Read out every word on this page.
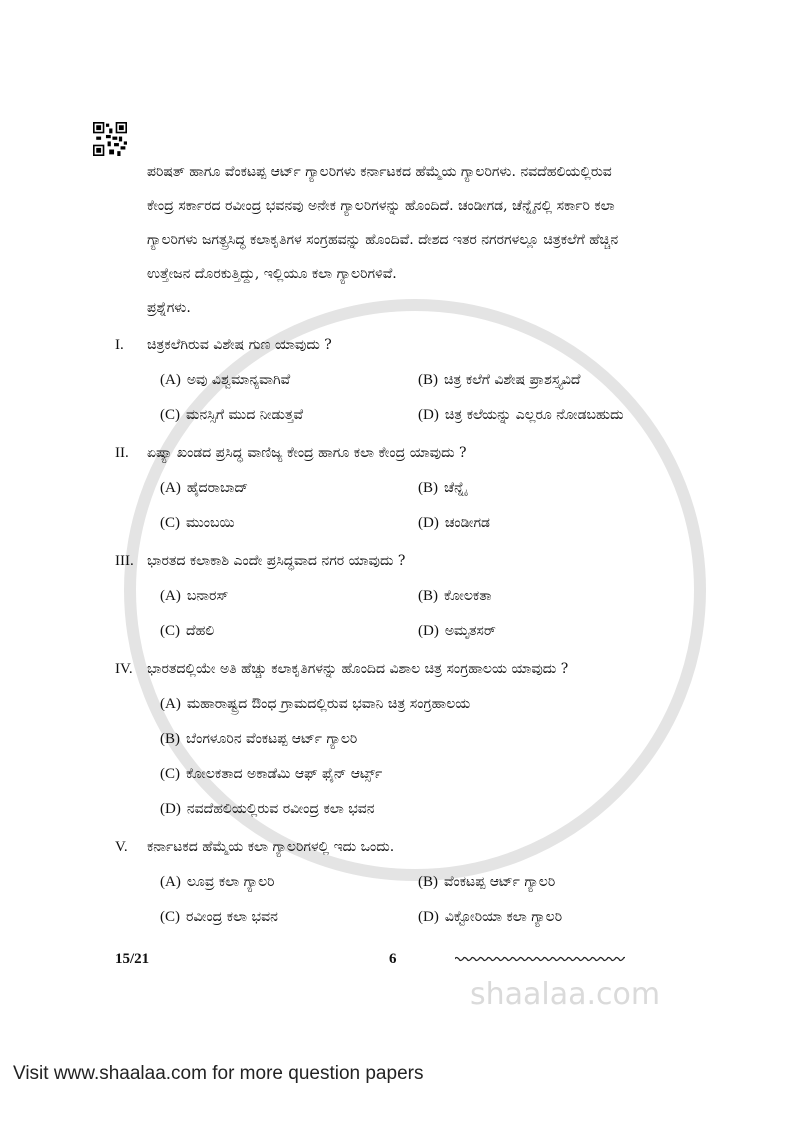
ಪರಿಷತ್ ಹಾಗೂ ವೆಂಕಟಪ್ಪ ಆರ್ಟ್ ಗ್ಯಾಲರಿಗಳು ಕರ್ನಾಟಕದ ಹೆಮ್ಮೆಯ ಗ್ಯಾಲರಿಗಳು. ನವದೆಹಲಿಯಲ್ಲಿರುವ
ಕೇಂದ್ರ ಸರ್ಕಾರದ ರವೀಂದ್ರ ಭವನವು ಅನೇಕ ಗ್ಯಾಲರಿಗಳನ್ನು ಹೊಂದಿದೆ. ಚಂಡೀಗಡ, ಚೆನ್ನೈನಲ್ಲಿ ಸರ್ಕಾರಿ ಕಲಾ
ಗ್ಯಾಲರಿಗಳು ಜಗತ್ಪ್ರಸಿದ್ಧ ಕಲಾಕೃತಿಗಳ ಸಂಗ್ರಹವನ್ನು ಹೊಂದಿವೆ. ದೇಶದ ಇತರ ನಗರಗಳಲ್ಲೂ ಚಿತ್ರಕಲೆಗೆ ಹೆಚ್ಚಿನ
ಉತ್ತೇಜನ ದೊರಕುತ್ತಿದ್ದು, ಇಲ್ಲಿಯೂ ಕಲಾ ಗ್ಯಾಲರಿಗಳಿವೆ.
ಪ್ರಶ್ನೆಗಳು.
I.	ಚಿತ್ರಕಲೆಗಿರುವ ವಿಶೇಷ ಗುಣ ಯಾವುದು ?
(A) ಅವು ವಿಶ್ವಮಾನ್ಯವಾಗಿವೆ	(B) ಚಿತ್ರ ಕಲೆಗೆ ವಿಶೇಷ ಪ್ರಾಶಸ್ತ್ಯವಿದೆ
(C) ಮನಸ್ಸಿಗೆ ಮುದ ನೀಡುತ್ತವೆ	(D) ಚಿತ್ರ ಕಲೆಯನ್ನು ಎಲ್ಲರೂ ನೋಡಬಹುದು
II.	ಏಷ್ಯಾ ಖಂಡದ ಪ್ರಸಿದ್ಧ ವಾಣಿಜ್ಯ ಕೇಂದ್ರ ಹಾಗೂ ಕಲಾ ಕೇಂದ್ರ ಯಾವುದು ?
(A) ಹೈದರಾಬಾದ್	(B) ಚೆನ್ನೈ
(C) ಮುಂಬಯಿ	(D) ಚಂಡೀಗಡ
III. ಭಾರತದ ಕಲಾಕಾಶಿ ಎಂದೇ ಪ್ರಸಿದ್ಧವಾದ ನಗರ ಯಾವುದು ?
(A) ಬನಾರಸ್	(B) ಕೋಲಕತಾ
(C) ದೆಹಲಿ	(D) ಅಮೃತಸರ್
IV.	ಭಾರತದಲ್ಲಿಯೇ ಅತಿ ಹೆಚ್ಚು ಕಲಾಕೃತಿಗಳನ್ನು ಹೊಂದಿದ ವಿಶಾಲ ಚಿತ್ರ ಸಂಗ್ರಹಾಲಯ ಯಾವುದು ?
(A) ಮಹಾರಾಷ್ಟ್ರದ ಔಂಧ ಗ್ರಾಮದಲ್ಲಿರುವ ಭವಾನಿ ಚಿತ್ರ ಸಂಗ್ರಹಾಲಯ
(B) ಬೆಂಗಳೂರಿನ ವೆಂಕಟಪ್ಪ ಆರ್ಟ್ ಗ್ಯಾಲರಿ
(C) ಕೋಲಕತಾದ ಅಕಾಡೆಮಿ ಆಫ್ ಫೈನ್ ಆರ್ಟ್ಸ್
(D) ನವದೆಹಲಿಯಲ್ಲಿರುವ ರವೀಂದ್ರ ಕಲಾ ಭವನ
V.	ಕರ್ನಾಟಕದ ಹೆಮ್ಮೆಯ ಕಲಾ ಗ್ಯಾಲರಿಗಳಲ್ಲಿ ಇದು ಒಂದು.
(A) ಲೂವ್ರ ಕಲಾ ಗ್ಯಾಲರಿ	(B) ವೆಂಕಟಪ್ಪ ಆರ್ಟ್ ಗ್ಯಾಲರಿ
(C) ರವೀಂದ್ರ ಕಲಾ ಭವನ	(D) ವಿಕ್ಟೋರಿಯಾ ಕಲಾ ಗ್ಯಾಲರಿ
15/21	6
shaalaa.com
Visit www.shaalaa.com for more question papers
